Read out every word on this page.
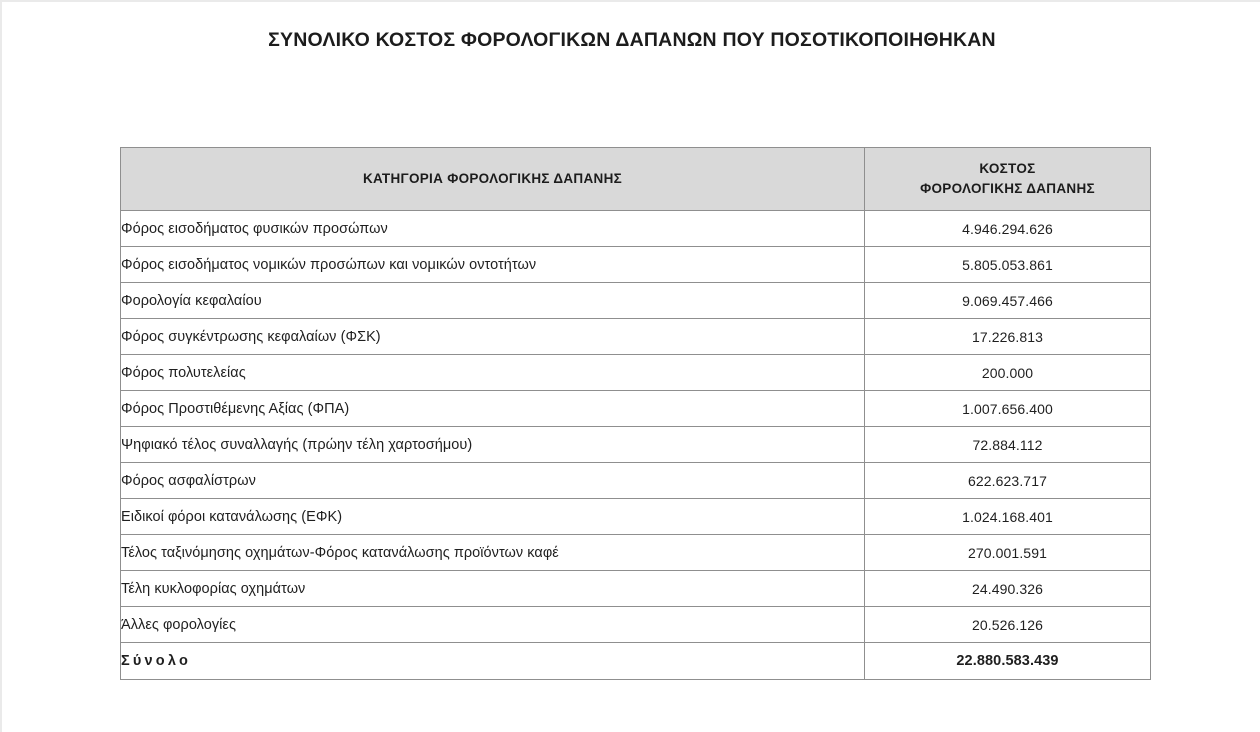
ΣΥΝΟΛΙΚΟ ΚΟΣΤΟΣ ΦΟΡΟΛΟΓΙΚΩΝ ΔΑΠΑΝΩΝ ΠΟΥ ΠΟΣΟΤΙΚΟΠΟΙΗΘΗΚΑΝ
ΚΑΤΗΓΟΡΙΑ ΦΟΡΟΛΟΓΙΚΗΣ ΔΑΠΑΝΗΣ	ΚΟΣΤΟΣ
ΦΟΡΟΛΟΓΙΚΗΣ ΔΑΠΑΝΗΣ
Φόρος εισοδήματος φυσικών προσώπων	4.946.294.626
Φόρος εισοδήματος νομικών προσώπων και νομικών οντοτήτων	5.805.053.861
Φορολογία κεφαλαίου	9.069.457.466
Φόρος συγκέντρωσης κεφαλαίων (ΦΣΚ)	17.226.813
Φόρος πολυτελείας	200.000
Φόρος Προστιθέμενης Αξίας (ΦΠΑ)	1.007.656.400
Ψηφιακό τέλος συναλλαγής (πρώην τέλη χαρτοσήμου)	72.884.112
Φόρος ασφαλίστρων	622.623.717
Ειδικοί φόροι κατανάλωσης (ΕΦΚ)	1.024.168.401
Τέλος ταξινόμησης οχημάτων-Φόρος κατανάλωσης προϊόντων καφέ	270.001.591
Τέλη κυκλοφορίας οχημάτων	24.490.326
Άλλες φορολογίες	20.526.126
Σύνολο	22.880.583.439
